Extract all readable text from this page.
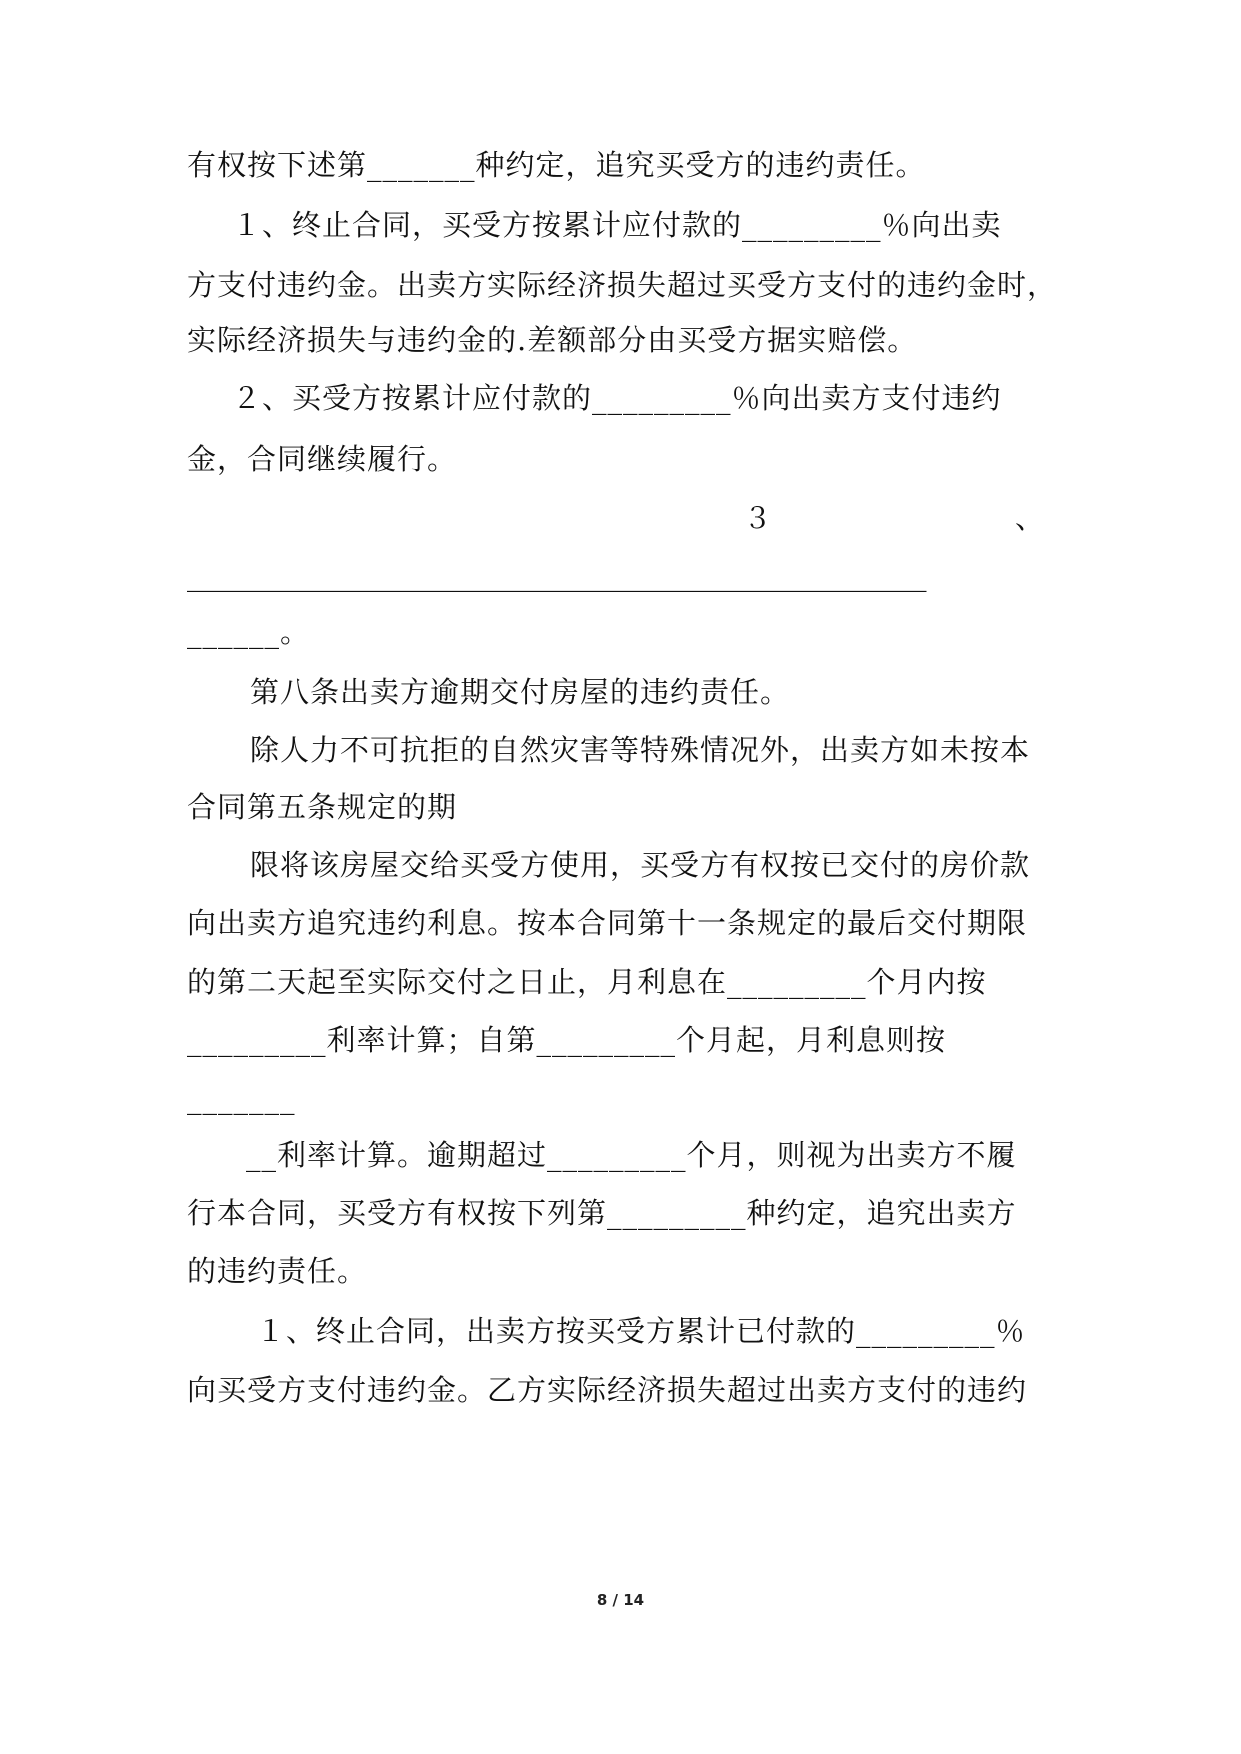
有权按下述第_______种约定，追究买受方的违约责任。
１、终止合同，买受方按累计应付款的_________％向出卖
方支付违约金。出卖方实际经济损失超过买受方支付的违约金时，
实际经济损失与违约金的.差额部分由买受方据实赔偿。
２、买受方按累计应付款的_________％向出卖方支付违约
金，合同继续履行。
３	、
___________________________________________________
______。
第八条出卖方逾期交付房屋的违约责任。
除人力不可抗拒的自然灾害等特殊情况外，出卖方如未按本
合同第五条规定的期
限将该房屋交给买受方使用，买受方有权按已交付的房价款
向出卖方追究违约利息。按本合同第十一条规定的最后交付期限
的第二天起至实际交付之日止，月利息在_________个月内按
_________利率计算；自第_________个月起，月利息则按
_______
__利率计算。逾期超过_________个月，则视为出卖方不履
行本合同，买受方有权按下列第_________种约定，追究出卖方
的违约责任。
１、终止合同，出卖方按买受方累计已付款的_________％
向买受方支付违约金。乙方实际经济损失超过出卖方支付的违约
8 / 14
